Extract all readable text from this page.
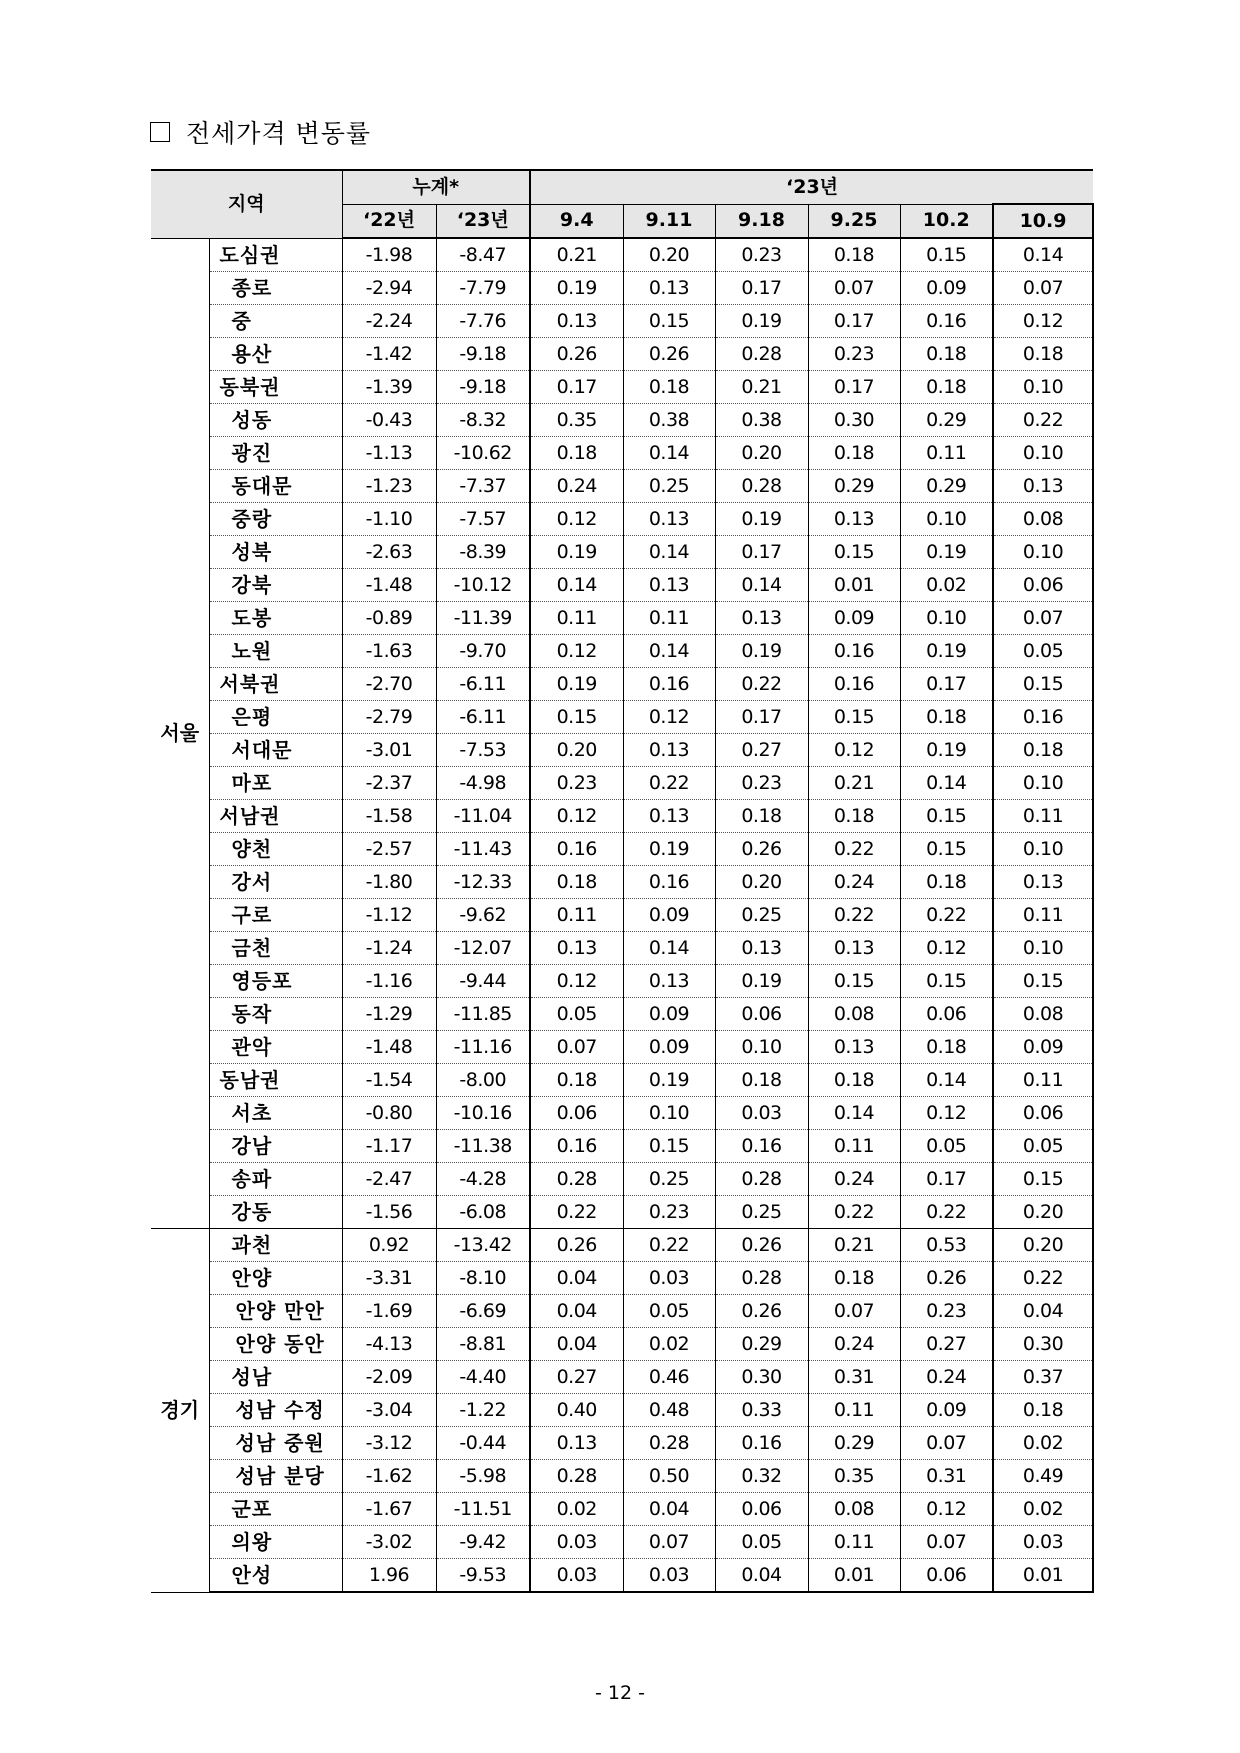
전세가격 변동률
지역		누계*		‘23년					
		‘22년	‘23년	9.4	9.11	9.18	9.25	10.2	10.9
서울	도심권	-1.98	-8.47	0.21	0.20	0.23	0.18	0.15	0.14
	종로	-2.94	-7.79	0.19	0.13	0.17	0.07	0.09	0.07
	중	-2.24	-7.76	0.13	0.15	0.19	0.17	0.16	0.12
	용산	-1.42	-9.18	0.26	0.26	0.28	0.23	0.18	0.18
	동북권	-1.39	-9.18	0.17	0.18	0.21	0.17	0.18	0.10
	성동	-0.43	-8.32	0.35	0.38	0.38	0.30	0.29	0.22
	광진	-1.13	-10.62	0.18	0.14	0.20	0.18	0.11	0.10
	동대문	-1.23	-7.37	0.24	0.25	0.28	0.29	0.29	0.13
	중랑	-1.10	-7.57	0.12	0.13	0.19	0.13	0.10	0.08
	성북	-2.63	-8.39	0.19	0.14	0.17	0.15	0.19	0.10
	강북	-1.48	-10.12	0.14	0.13	0.14	0.01	0.02	0.06
	도봉	-0.89	-11.39	0.11	0.11	0.13	0.09	0.10	0.07
	노원	-1.63	-9.70	0.12	0.14	0.19	0.16	0.19	0.05
	서북권	-2.70	-6.11	0.19	0.16	0.22	0.16	0.17	0.15
	은평	-2.79	-6.11	0.15	0.12	0.17	0.15	0.18	0.16
	서대문	-3.01	-7.53	0.20	0.13	0.27	0.12	0.19	0.18
	마포	-2.37	-4.98	0.23	0.22	0.23	0.21	0.14	0.10
	서남권	-1.58	-11.04	0.12	0.13	0.18	0.18	0.15	0.11
	양천	-2.57	-11.43	0.16	0.19	0.26	0.22	0.15	0.10
	강서	-1.80	-12.33	0.18	0.16	0.20	0.24	0.18	0.13
	구로	-1.12	-9.62	0.11	0.09	0.25	0.22	0.22	0.11
	금천	-1.24	-12.07	0.13	0.14	0.13	0.13	0.12	0.10
	영등포	-1.16	-9.44	0.12	0.13	0.19	0.15	0.15	0.15
	동작	-1.29	-11.85	0.05	0.09	0.06	0.08	0.06	0.08
	관악	-1.48	-11.16	0.07	0.09	0.10	0.13	0.18	0.09
	동남권	-1.54	-8.00	0.18	0.19	0.18	0.18	0.14	0.11
	서초	-0.80	-10.16	0.06	0.10	0.03	0.14	0.12	0.06
	강남	-1.17	-11.38	0.16	0.15	0.16	0.11	0.05	0.05
	송파	-2.47	-4.28	0.28	0.25	0.28	0.24	0.17	0.15
	강동	-1.56	-6.08	0.22	0.23	0.25	0.22	0.22	0.20
경기	과천	0.92	-13.42	0.26	0.22	0.26	0.21	0.53	0.20
	안양	-3.31	-8.10	0.04	0.03	0.28	0.18	0.26	0.22
	안양 만안	-1.69	-6.69	0.04	0.05	0.26	0.07	0.23	0.04
	안양 동안	-4.13	-8.81	0.04	0.02	0.29	0.24	0.27	0.30
	성남	-2.09	-4.40	0.27	0.46	0.30	0.31	0.24	0.37
	성남 수정	-3.04	-1.22	0.40	0.48	0.33	0.11	0.09	0.18
	성남 중원	-3.12	-0.44	0.13	0.28	0.16	0.29	0.07	0.02
	성남 분당	-1.62	-5.98	0.28	0.50	0.32	0.35	0.31	0.49
	군포	-1.67	-11.51	0.02	0.04	0.06	0.08	0.12	0.02
	의왕	-3.02	-9.42	0.03	0.07	0.05	0.11	0.07	0.03
	안성	1.96	-9.53	0.03	0.03	0.04	0.01	0.06	0.01
- 12 -
